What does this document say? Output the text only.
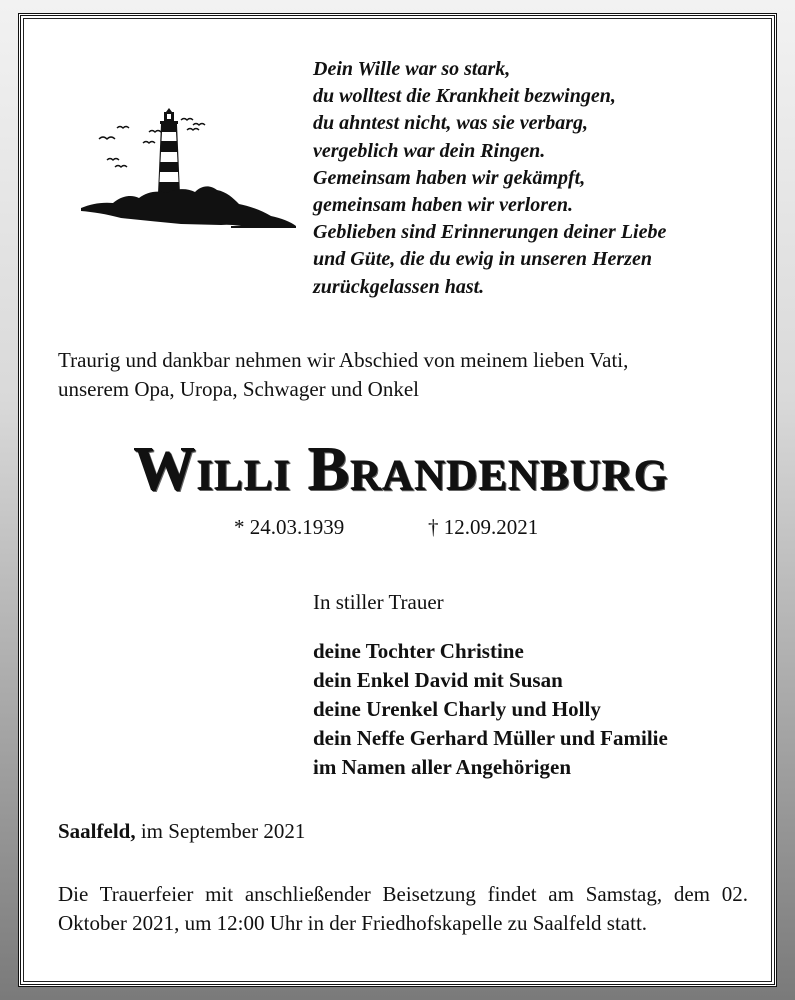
Dein Wille war so stark,
du wolltest die Krankheit bezwingen,
du ahntest nicht, was sie verbarg,
vergeblich war dein Ringen.
Gemeinsam haben wir gekämpft,
gemeinsam haben wir verloren.
Geblieben sind Erinnerungen deiner Liebe
und Güte, die du ewig in unseren Herzen
zurückgelassen hast.
Traurig und dankbar nehmen wir Abschied von meinem lieben Vati,
unserem Opa, Uropa, Schwager und Onkel
Willi Brandenburg
* 24.03.1939	† 12.09.2021
In stiller Trauer
deine Tochter Christine
dein Enkel David mit Susan
deine Urenkel Charly und Holly
dein Neffe Gerhard Müller und Familie
im Namen aller Angehörigen
Saalfeld, im September 2021
Die Trauerfeier mit anschließender Beisetzung findet am Samstag, dem 02. Oktober 2021, um 12:00 Uhr in der Friedhofskapelle zu Saalfeld statt.
